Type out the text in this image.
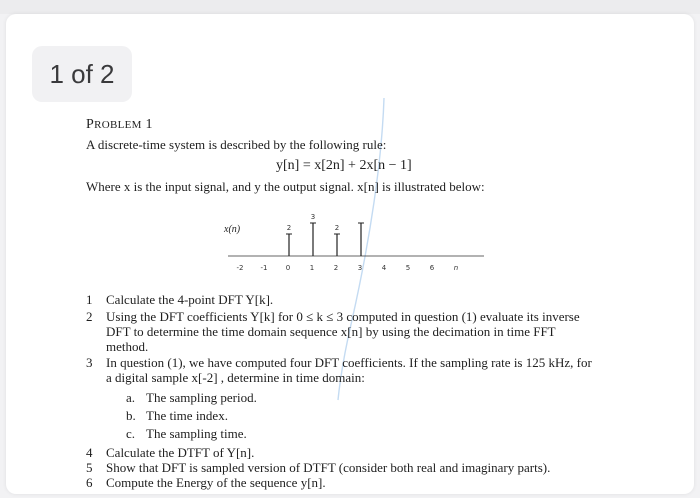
1 of 2
PROBLEM 1
A discrete-time system is described by the following rule:
y[n] = x[2n] + 2x[n − 1]
Where x is the input signal, and y the output signal. x[n] is illustrated below:
x(n)
-2 -1	0	1	2	3	4	5	6	n
2
3
2
1 Calculate the 4-point DFT Y[k].
2 Using the DFT coefficients Y[k] for 0 ≤ k ≤ 3 computed in question (1) evaluate its inverse
DFT to determine the time domain sequence x[n] by using the decimation in time FFT
method.
3 In question (1), we have computed four DFT coefficients. If the sampling rate is 125 kHz, for
a digital sample x[-2] , determine in time domain:
4 Calculate the DTFT of Y[n].
5 Show that DFT is sampled version of DTFT (consider both real and imaginary parts).
6 Compute the Energy of the sequence y[n].
a. The sampling period.
b. The time index.
c. The sampling time.
